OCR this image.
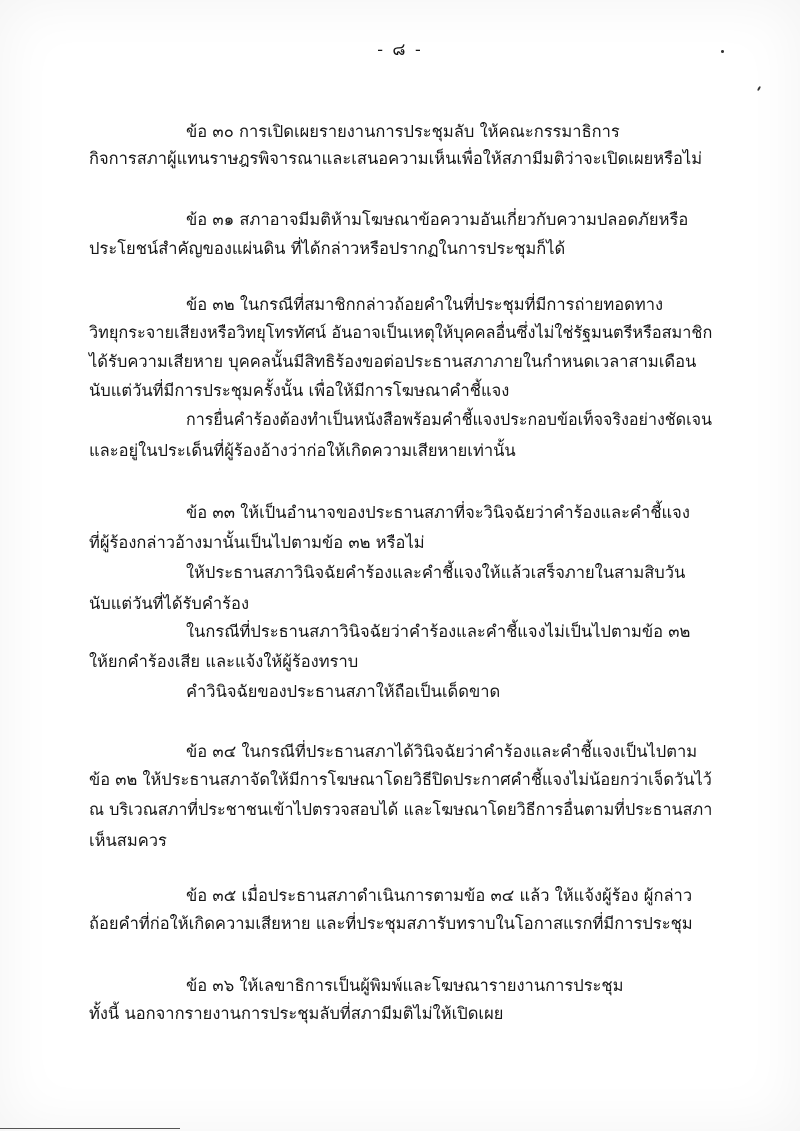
- ๘ -
ข้อ ๓๐ การเปิดเผยรายงานการประชุมลับ ให้คณะกรรมาธิการ
กิจการสภาผู้แทนราษฎรพิจารณาและเสนอความเห็นเพื่อให้สภามีมติว่าจะเปิดเผยหรือไม่
ข้อ ๓๑ สภาอาจมีมติห้ามโฆษณาข้อความอันเกี่ยวกับความปลอดภัยหรือ
ประโยชน์สำคัญของแผ่นดิน ที่ได้กล่าวหรือปรากฏในการประชุมก็ได้
ข้อ ๓๒ ในกรณีที่สมาชิกกล่าวถ้อยคำในที่ประชุมที่มีการถ่ายทอดทาง
วิทยุกระจายเสียงหรือวิทยุโทรทัศน์ อันอาจเป็นเหตุให้บุคคลอื่นซึ่งไม่ใช่รัฐมนตรีหรือสมาชิก
ได้รับความเสียหาย บุคคลนั้นมีสิทธิร้องขอต่อประธานสภาภายในกำหนดเวลาสามเดือน
นับแต่วันที่มีการประชุมครั้งนั้น เพื่อให้มีการโฆษณาคำชี้แจง
การยื่นคำร้องต้องทำเป็นหนังสือพร้อมคำชี้แจงประกอบข้อเท็จจริงอย่างชัดเจน
และอยู่ในประเด็นที่ผู้ร้องอ้างว่าก่อให้เกิดความเสียหายเท่านั้น
ข้อ ๓๓ ให้เป็นอำนาจของประธานสภาที่จะวินิจฉัยว่าคำร้องและคำชี้แจง
ที่ผู้ร้องกล่าวอ้างมานั้นเป็นไปตามข้อ ๓๒ หรือไม่
ให้ประธานสภาวินิจฉัยคำร้องและคำชี้แจงให้แล้วเสร็จภายในสามสิบวัน
นับแต่วันที่ได้รับคำร้อง
ในกรณีที่ประธานสภาวินิจฉัยว่าคำร้องและคำชี้แจงไม่เป็นไปตามข้อ ๓๒
ให้ยกคำร้องเสีย และแจ้งให้ผู้ร้องทราบ
คำวินิจฉัยของประธานสภาให้ถือเป็นเด็ดขาด
ข้อ ๓๔ ในกรณีที่ประธานสภาได้วินิจฉัยว่าคำร้องและคำชี้แจงเป็นไปตาม
ข้อ ๓๒ ให้ประธานสภาจัดให้มีการโฆษณาโดยวิธีปิดประกาศคำชี้แจงไม่น้อยกว่าเจ็ดวันไว้
ณ บริเวณสภาที่ประชาชนเข้าไปตรวจสอบได้ และโฆษณาโดยวิธีการอื่นตามที่ประธานสภา
เห็นสมควร
ข้อ ๓๕ เมื่อประธานสภาดำเนินการตามข้อ ๓๔ แล้ว ให้แจ้งผู้ร้อง ผู้กล่าว
ถ้อยคำที่ก่อให้เกิดความเสียหาย และที่ประชุมสภารับทราบในโอกาสแรกที่มีการประชุม
ข้อ ๓๖ ให้เลขาธิการเป็นผู้พิมพ์และโฆษณารายงานการประชุม
ทั้งนี้ นอกจากรายงานการประชุมลับที่สภามีมติไม่ให้เปิดเผย
